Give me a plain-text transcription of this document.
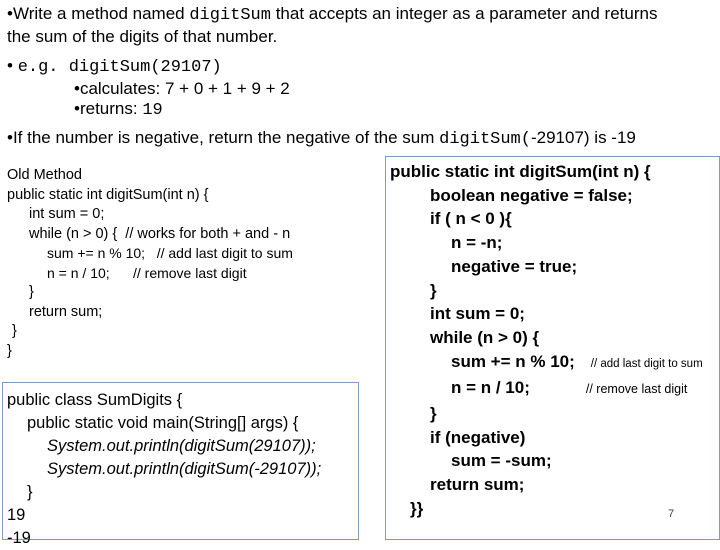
•Write a method named digitSum that accepts an integer as a parameter and returns
the sum of the digits of that number.
• e.g. digitSum(29107)
•calculates: 7 + 0 + 1 + 9 + 2
•returns: 19
•If the number is negative, return the negative of the sum digitSum(-29107) is -19
Old Method
public static int digitSum(int n) {
int sum = 0;
while (n > 0) {  // works for both + and - n
sum += n % 10;   // add last digit to sum
n = n / 10;      // remove last digit
}
return sum;
}
}
public class SumDigits {
public static void main(String[] args) {
System.out.println(digitSum(29107));
System.out.println(digitSum(-29107));
}
19
-19
public static int digitSum(int n) {
boolean negative = false;
if ( n < 0 ){
n = -n;
negative = true;
}
int sum = 0;
while (n > 0) {
sum += n % 10; // add last digit to sum
n = n / 10;	// remove last digit
}
if (negative)
sum = -sum;
return sum;
}}	7
